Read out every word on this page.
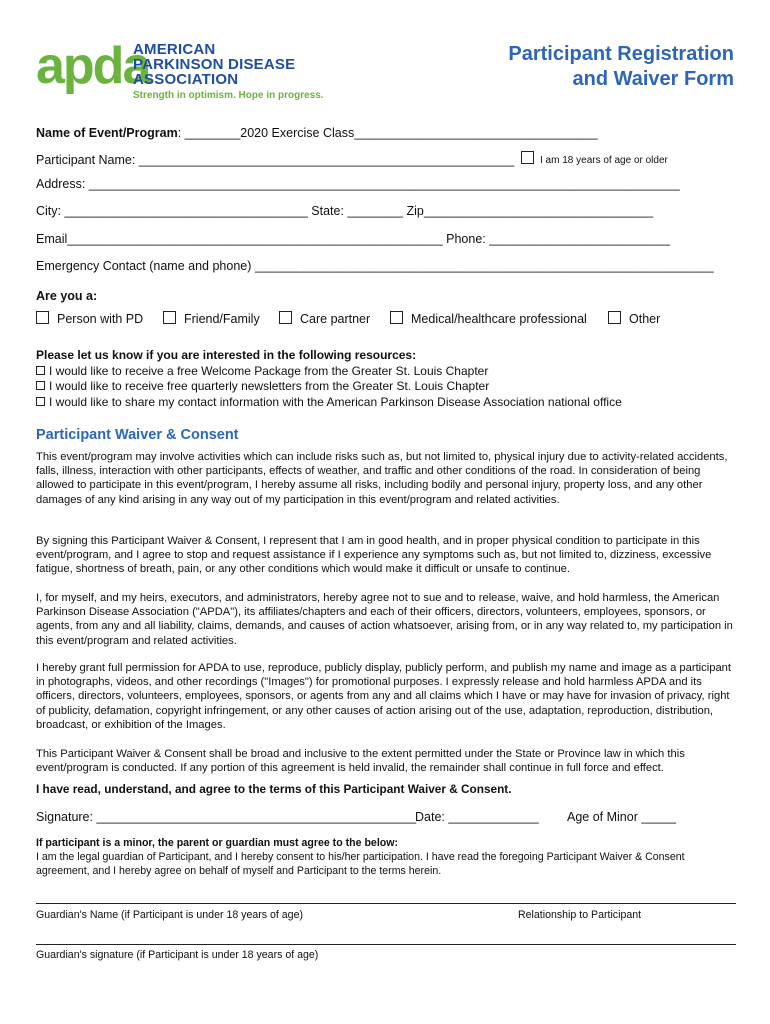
apda
AMERICAN
PARKINSON DISEASE
ASSOCIATION
Strength in optimism. Hope in progress.
Participant Registration
and Waiver Form
Name of Event/Program: ________2020 Exercise Class___________________________________
Participant Name: ______________________________________________________	I am 18 years of age or older
Address: _____________________________________________________________________________________
City: ___________________________________ State: ________ Zip_________________________________
Email______________________________________________________ Phone: __________________________
Emergency Contact (name and phone) __________________________________________________________________
Are you a:
Person with PD	Friend/Family	Care partner	Medical/healthcare professional	Other
Please let us know if you are interested in the following resources:
I would like to receive a free Welcome Package from the Greater St. Louis Chapter
I would like to receive free quarterly newsletters from the Greater St. Louis Chapter
I would like to share my contact information with the American Parkinson Disease Association national office
Participant Waiver & Consent
This event/program may involve activities which can include risks such as, but not limited to, physical injury due to activity-related accidents, falls, illness, interaction with other participants, effects of weather, and traffic and other conditions of the road. In consideration of being allowed to participate in this event/program, I hereby assume all risks, including bodily and personal injury, property loss, and any other damages of any kind arising in any way out of my participation in this event/program and related activities.
By signing this Participant Waiver & Consent, I represent that I am in good health, and in proper physical condition to participate in this event/program, and I agree to stop and request assistance if I experience any symptoms such as, but not limited to, dizziness, excessive fatigue, shortness of breath, pain, or any other conditions which would make it difficult or unsafe to continue.
I, for myself, and my heirs, executors, and administrators, hereby agree not to sue and to release, waive, and hold harmless, the American Parkinson Disease Association ("APDA"), its affiliates/chapters and each of their officers, directors, volunteers, employees, sponsors, or agents, from any and all liability, claims, demands, and causes of action whatsoever, arising from, or in any way related to, my participation in this event/program and related activities.
I hereby grant full permission for APDA to use, reproduce, publicly display, publicly perform, and publish my name and image as a participant in photographs, videos, and other recordings ("Images") for promotional purposes. I expressly release and hold harmless APDA and its officers, directors, volunteers, employees, sponsors, or agents from any and all claims which I have or may have for invasion of privacy, right of publicity, defamation, copyright infringement, or any other causes of action arising out of the use, adaptation, reproduction, distribution, broadcast, or exhibition of the Images.
This Participant Waiver & Consent shall be broad and inclusive to the extent permitted under the State or Province law in which this event/program is conducted. If any portion of this agreement is held invalid, the remainder shall continue in full force and effect.
I have read, understand, and agree to the terms of this Participant Waiver & Consent.
Signature: ______________________________________________
Date: _____________ Age of Minor _____
If participant is a minor, the parent or guardian must agree to the below:
I am the legal guardian of Participant, and I hereby consent to his/her participation. I have read the foregoing Participant Waiver & Consent agreement, and I hereby agree on behalf of myself and Participant to the terms herein.
Guardian's Name (if Participant is under 18 years of age)	Relationship to Participant
Guardian's signature (if Participant is under 18 years of age)
